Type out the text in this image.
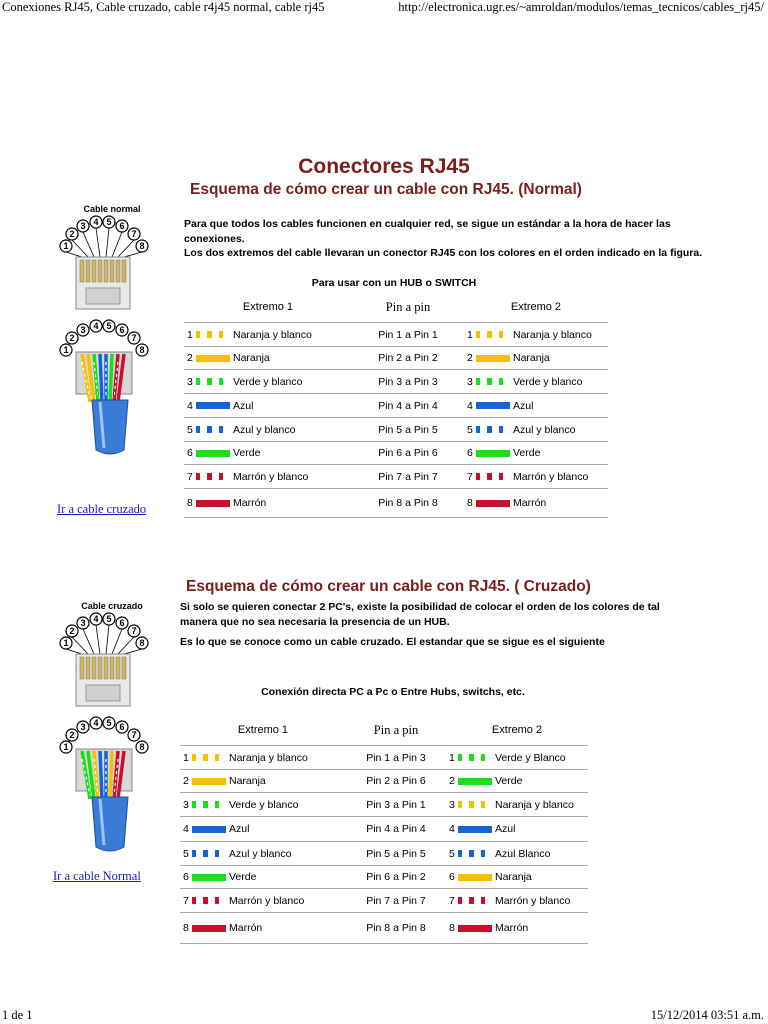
Conexiones RJ45, Cable cruzado, cable r4j45 normal, cable rj45	http://electronica.ugr.es/~amroldan/modulos/temas_tecnicos/cables_rj45/
1 de 1	15/12/2014 03:51 a.m.
Conectores RJ45
Esquema de cómo crear un cable con RJ45. (Normal)
Cable normal
1
2
3 4 5 6
7
8
1
2
3 4 5 6
7
8
Para que todos los cables funcionen en cualquier red, se sigue un estándar a la hora de hacer las conexiones.
Los dos extremos del cable llevaran un conector RJ45 con los colores en el orden indicado en la figura.
Para usar con un HUB o SWITCH
Extremo 1	Pin a pin	Extremo 2

1 Naranja y blanco	Pin 1 a Pin 1	1 Naranja y blanco

2 Naranja	Pin 2 a Pin 2	2 Naranja

3 Verde y blanco	Pin 3 a Pin 3	3 Verde y blanco

4 Azul	Pin 4 a Pin 4	4 Azul

5 Azul y blanco	Pin 5 a Pin 5	5 Azul y blanco

6 Verde	Pin 6 a Pin 6	6 Verde

7 Marrón y blanco	Pin 7 a Pin 7	7 Marrón y blanco

8 Marrón	Pin 8 a Pin 8	8 Marrón
Ir a cable cruzado
Esquema de cómo crear un cable con RJ45. ( Cruzado)
Cable cruzado
1
2
3 4 5 6
7
8
1
2
3 4 5 6
7
8
Si solo se quieren conectar 2 PC's, existe la posibilidad de colocar el orden de los colores de tal manera que no sea necesaria la presencia de un HUB.
Es lo que se conoce como un cable cruzado. El estandar que se sigue es el siguiente
Conexión directa PC a Pc o Entre Hubs, switchs, etc.
Extremo 1	Pin a pin	Extremo 2

1 Naranja y blanco	Pin 1 a Pin 3	1 Verde y Blanco

2 Naranja	Pin 2 a Pin 6	2 Verde

3 Verde y blanco	Pin 3 a Pin 1	3 Naranja y blanco

4 Azul	Pin 4 a Pin 4	4 Azul

5 Azul y blanco	Pin 5 a Pin 5	5 Azul Blanco

6 Verde	Pin 6 a Pin 2	6 Naranja

7 Marrón y blanco	Pin 7 a Pin 7	7 Marrón y blanco

8 Marrón	Pin 8 a Pin 8	8 Marrón
Ir a cable Normal
